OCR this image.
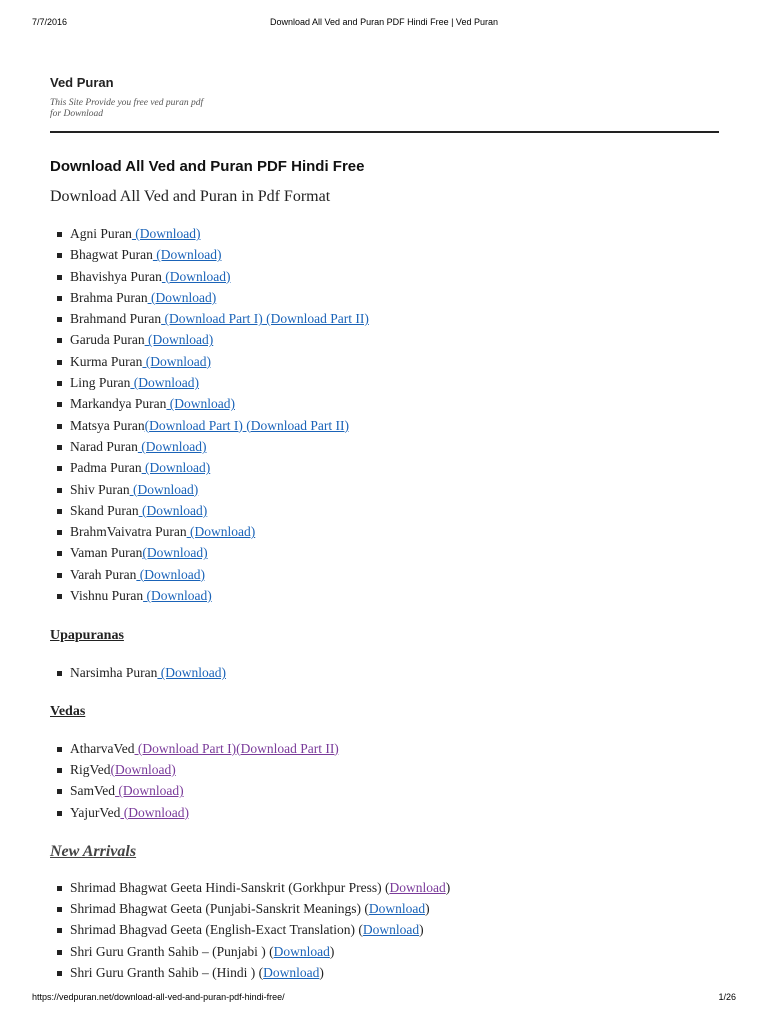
7/7/2016	Download All Ved and Puran PDF Hindi Free | Ved Puran
Ved Puran
This Site Provide you free ved puran pdf for Download
Download All Ved and Puran PDF Hindi Free
Download All Ved and Puran in Pdf Format
Agni Puran (Download)
Bhagwat Puran (Download)
Bhavishya Puran (Download)
Brahma Puran (Download)
Brahmand Puran (Download Part I) (Download Part II)
Garuda Puran (Download)
Kurma Puran (Download)
Ling Puran (Download)
Markandya Puran (Download)
Matsya Puran(Download Part I) (Download Part II)
Narad Puran (Download)
Padma Puran (Download)
Shiv Puran (Download)
Skand Puran (Download)
BrahmVaivatra Puran (Download)
Vaman Puran(Download)
Varah Puran (Download)
Vishnu Puran (Download)
Upapuranas
Narsimha Puran (Download)
Vedas
AtharvaVed (Download Part I)(Download Part II)
RigVed(Download)
SamVed (Download)
YajurVed (Download)
New Arrivals
Shrimad Bhagwat Geeta Hindi-Sanskrit (Gorkhpur Press) (Download)
Shrimad Bhagwat Geeta (Punjabi-Sanskrit Meanings) (Download)
Shrimad Bhagvad Geeta (English-Exact Translation) (Download)
Shri Guru Granth Sahib – (Punjabi ) (Download)
Shri Guru Granth Sahib – (Hindi ) (Download)
https://vedpuran.net/download-all-ved-and-puran-pdf-hindi-free/	1/26
